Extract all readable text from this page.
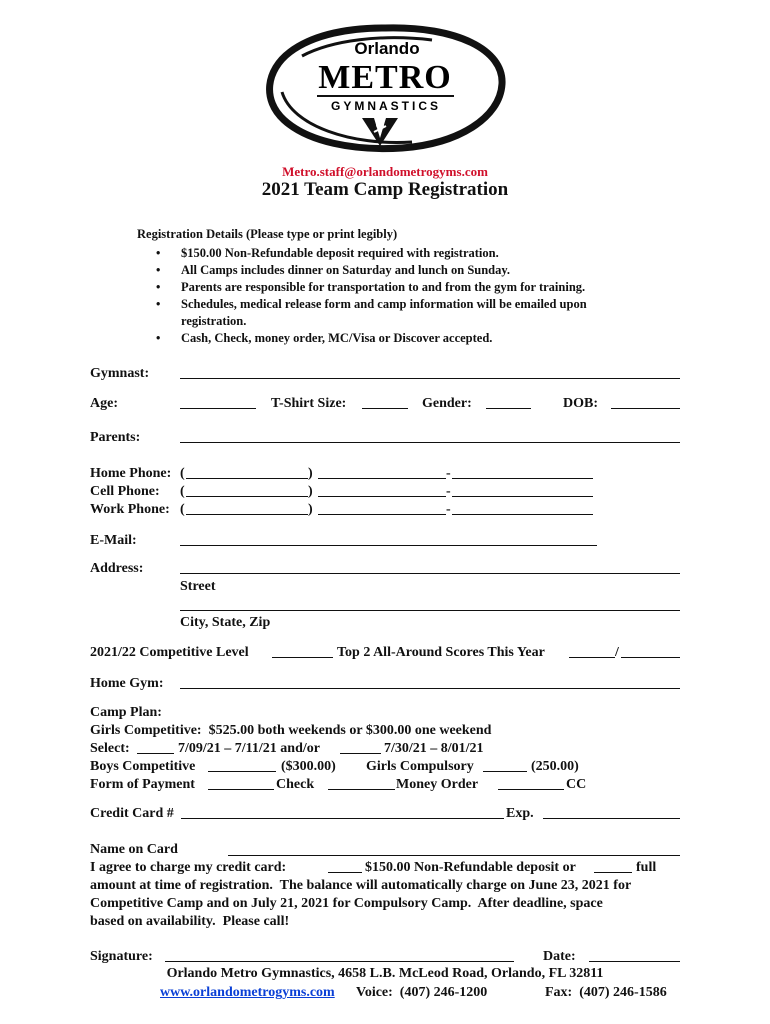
Orlando
METRO
GYMNASTICS
Metro.staff@orlandometrogyms.com
2021 Team Camp Registration
Registration Details (Please type or print legibly)
• $150.00 Non-Refundable deposit required with registration.
• All Camps includes dinner on Saturday and lunch on Sunday.
• Parents are responsible for transportation to and from the gym for training.
• Schedules, medical release form and camp information will be emailed upon registration.
• Cash, Check, money order, MC/Visa or Discover accepted.
Gymnast:
Age:	T-Shirt Size:	Gender:	DOB:
Parents:
Home Phone: (	)	-
Cell Phone: (	)	-
Work Phone: (	)	-
E-Mail:
Address:
Street
City, State, Zip
2021/22 Competitive Level	Top 2 All-Around Scores This Year	/
Home Gym:
Camp Plan:
Girls Competitive:  $525.00 both weekends or $300.00 one weekend
Select:	7/09/21 – 7/11/21 and/or	7/30/21 – 8/01/21
Boys Competitive	($300.00) Girls Compulsory	(250.00)
Form of Payment	Check	Money Order	CC
Credit Card #	Exp.
Name on Card
I agree to charge my credit card:	$150.00 Non-Refundable deposit or	full
amount at time of registration.  The balance will automatically charge on June 23, 2021 for
Competitive Camp and on July 21, 2021 for Compulsory Camp.  After deadline, space
based on availability.  Please call!
Signature:	Date:
Orlando Metro Gymnastics, 4658 L.B. McLeod Road, Orlando, FL 32811
www.orlandometrogyms.com Voice:  (407) 246-1200	Fax:  (407) 246-1586
